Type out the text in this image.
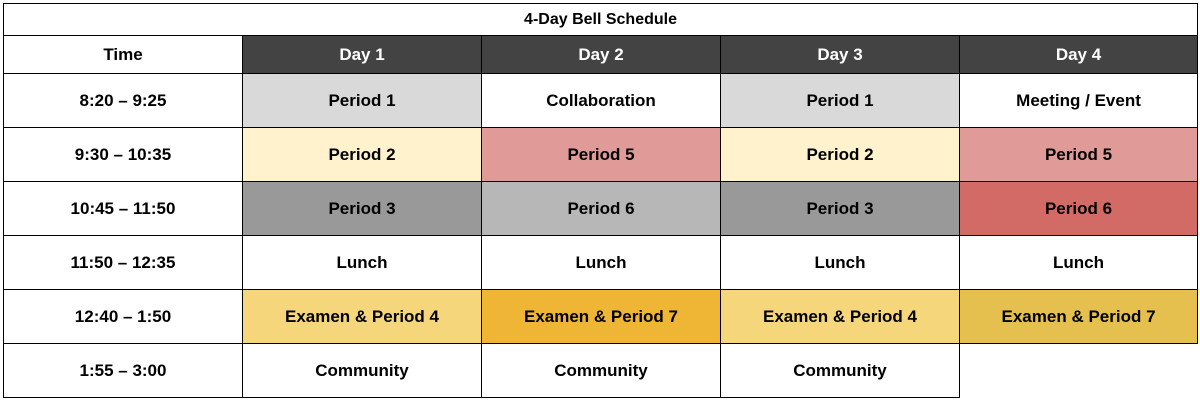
4-Day Bell Schedule				
Time	Day 1	Day 2	Day 3	Day 4
8:20 – 9:25	Period 1	Collaboration	Period 1	Meeting / Event
9:30 – 10:35	Period 2	Period 5	Period 2	Period 5
10:45 – 11:50	Period 3	Period 6	Period 3	Period 6
11:50 – 12:35	Lunch	Lunch	Lunch	Lunch
12:40 – 1:50	Examen & Period 4	Examen & Period 7	Examen & Period 4	Examen & Period 7
1:55 – 3:00	Community	Community	Community	
